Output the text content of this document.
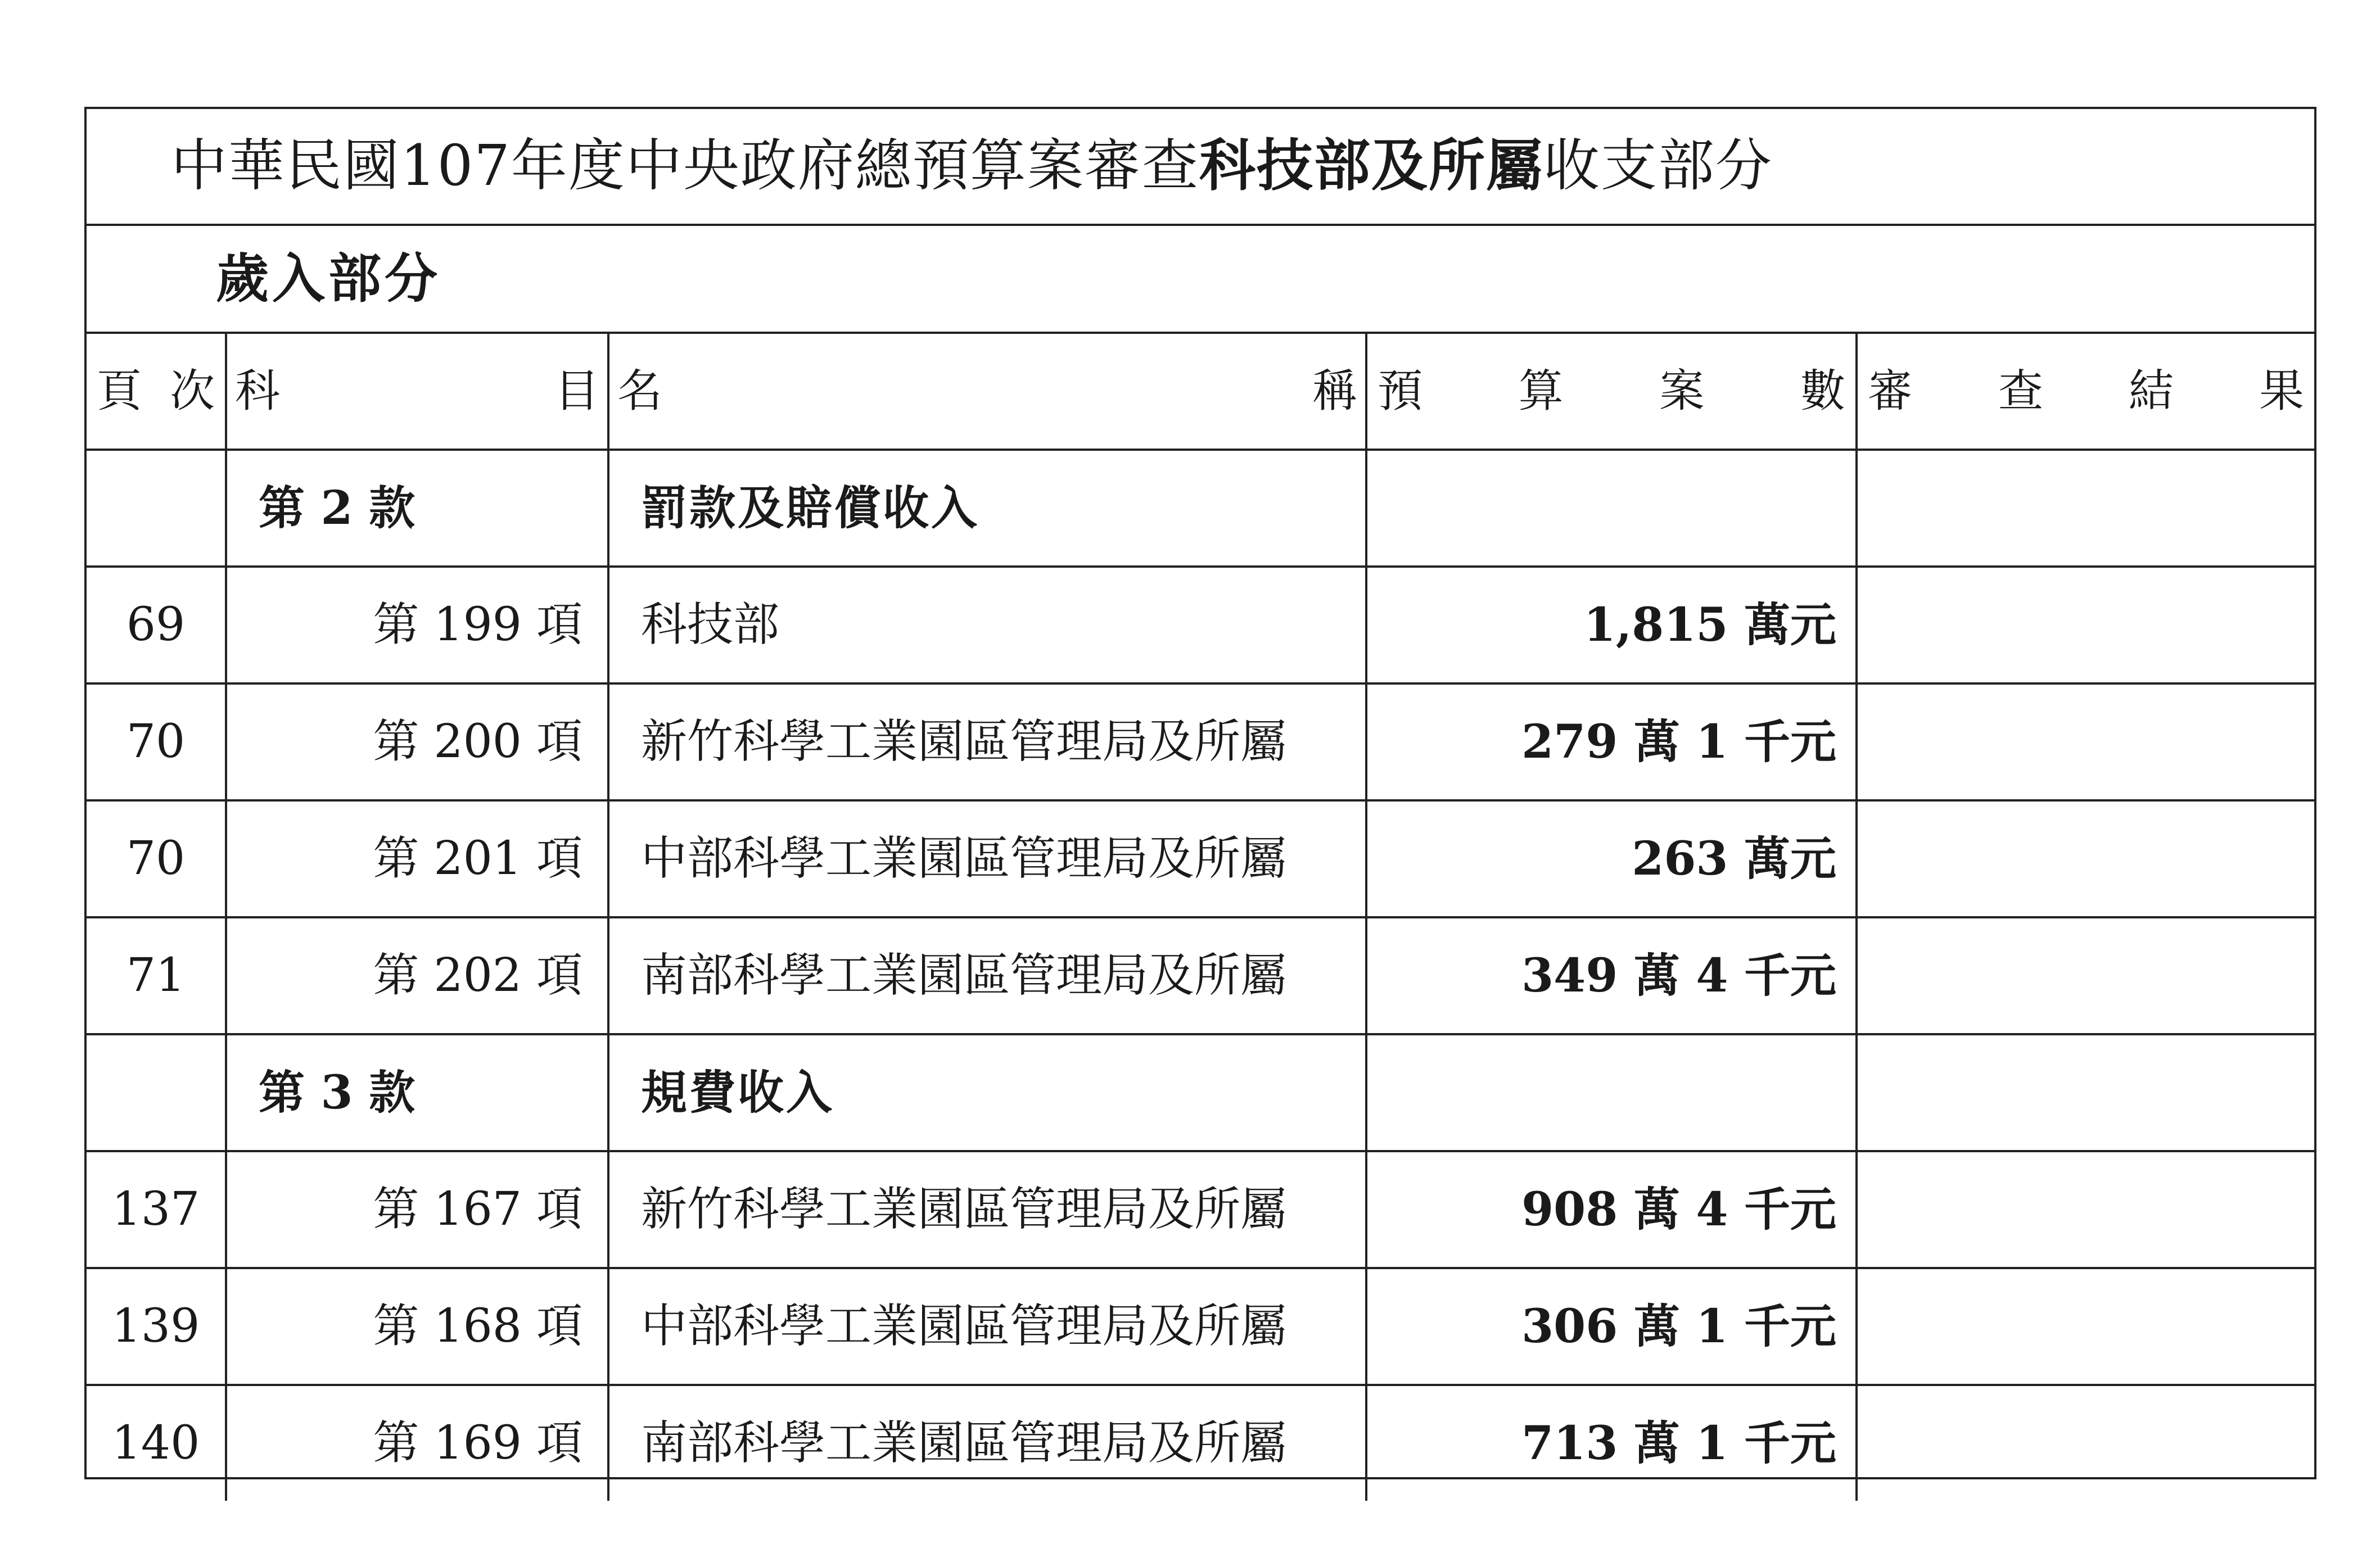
中華民國107年度中央政府總預算案審查科技部及所屬收支部分
歲入部分
頁 次	科 目	名 稱	預 算 案 數	審 查 結 果

	第 2 款	罰款及賠償收入		
69	第 199 項	科技部	1,815 萬元	
70	第 200 項	新竹科學工業園區管理局及所屬	279 萬 1 千元	
70	第 201 項	中部科學工業園區管理局及所屬	263 萬元	
71	第 202 項	南部科學工業園區管理局及所屬	349 萬 4 千元	
	第 3 款	規費收入		
137	第 167 項	新竹科學工業園區管理局及所屬	908 萬 4 千元	
139	第 168 項	中部科學工業園區管理局及所屬	306 萬 1 千元	
140	第 169 項	南部科學工業園區管理局及所屬	713 萬 1 千元	
